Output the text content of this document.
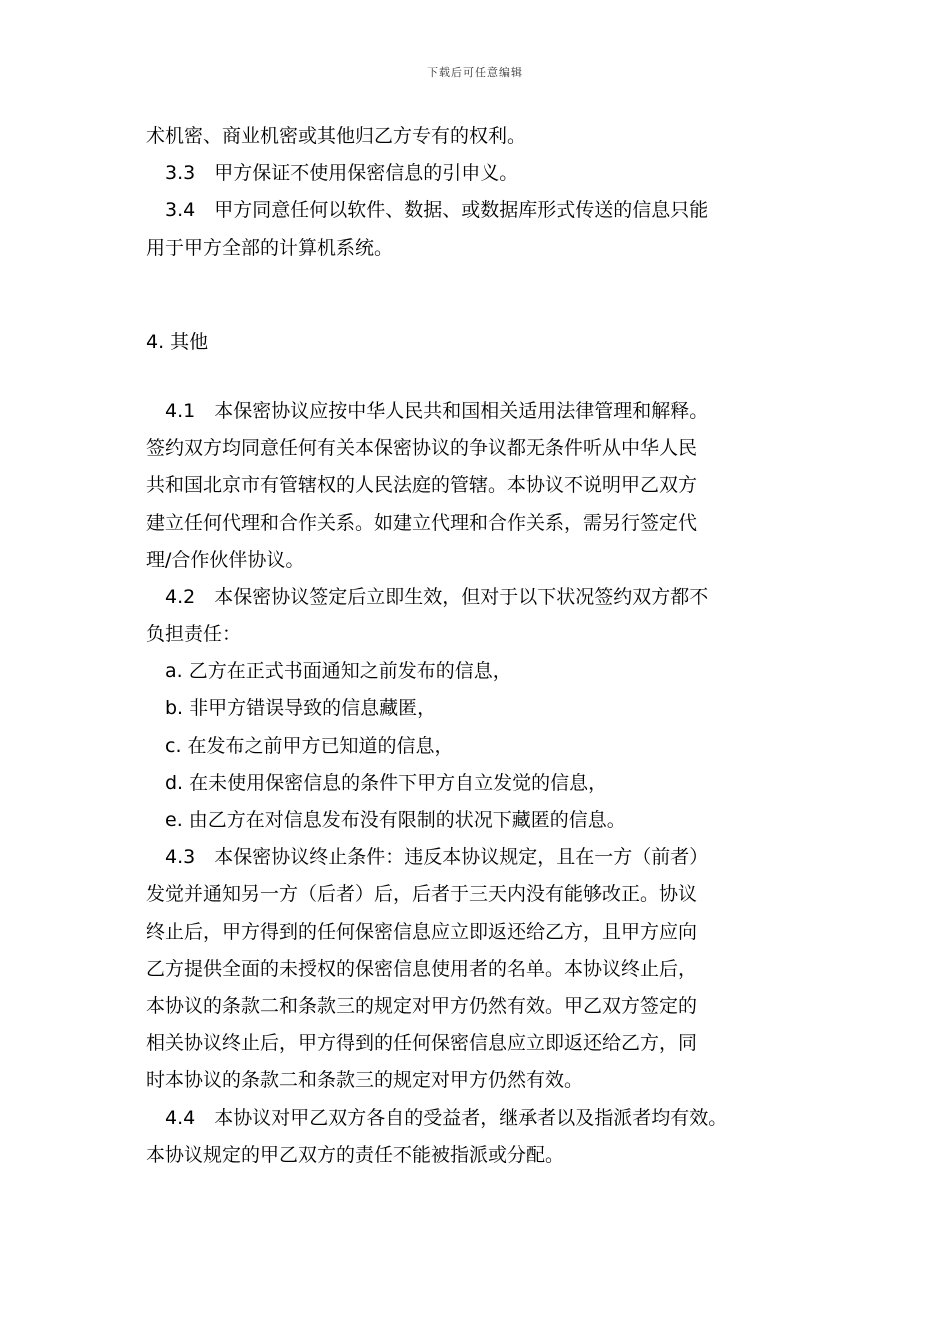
下载后可任意编辑
术机密、商业机密或其他归乙方专有的权利。
3.3　甲方保证不使用保密信息的引申义。
3.4　甲方同意任何以软件、数据、或数据库形式传送的信息只能
用于甲方全部的计算机系统。
4. 其他
4.1　本保密协议应按中华人民共和国相关适用法律管理和解释。
签约双方均同意任何有关本保密协议的争议都无条件听从中华人民
共和国北京市有管辖权的人民法庭的管辖。本协议不说明甲乙双方
建立任何代理和合作关系。如建立代理和合作关系，需另行签定代
理/合作伙伴协议。
4.2　本保密协议签定后立即生效，但对于以下状况签约双方都不
负担责任：
a. 乙方在正式书面通知之前发布的信息，
b. 非甲方错误导致的信息藏匿，
c. 在发布之前甲方已知道的信息，
d. 在未使用保密信息的条件下甲方自立发觉的信息，
e. 由乙方在对信息发布没有限制的状况下藏匿的信息。
4.3　本保密协议终止条件：违反本协议规定，且在一方（前者）
发觉并通知另一方（后者）后，后者于三天内没有能够改正。协议
终止后，甲方得到的任何保密信息应立即返还给乙方，且甲方应向
乙方提供全面的未授权的保密信息使用者的名单。本协议终止后，
本协议的条款二和条款三的规定对甲方仍然有效。甲乙双方签定的
相关协议终止后，甲方得到的任何保密信息应立即返还给乙方，同
时本协议的条款二和条款三的规定对甲方仍然有效。
4.4　本协议对甲乙双方各自的受益者，继承者以及指派者均有效。
本协议规定的甲乙双方的责任不能被指派或分配。
